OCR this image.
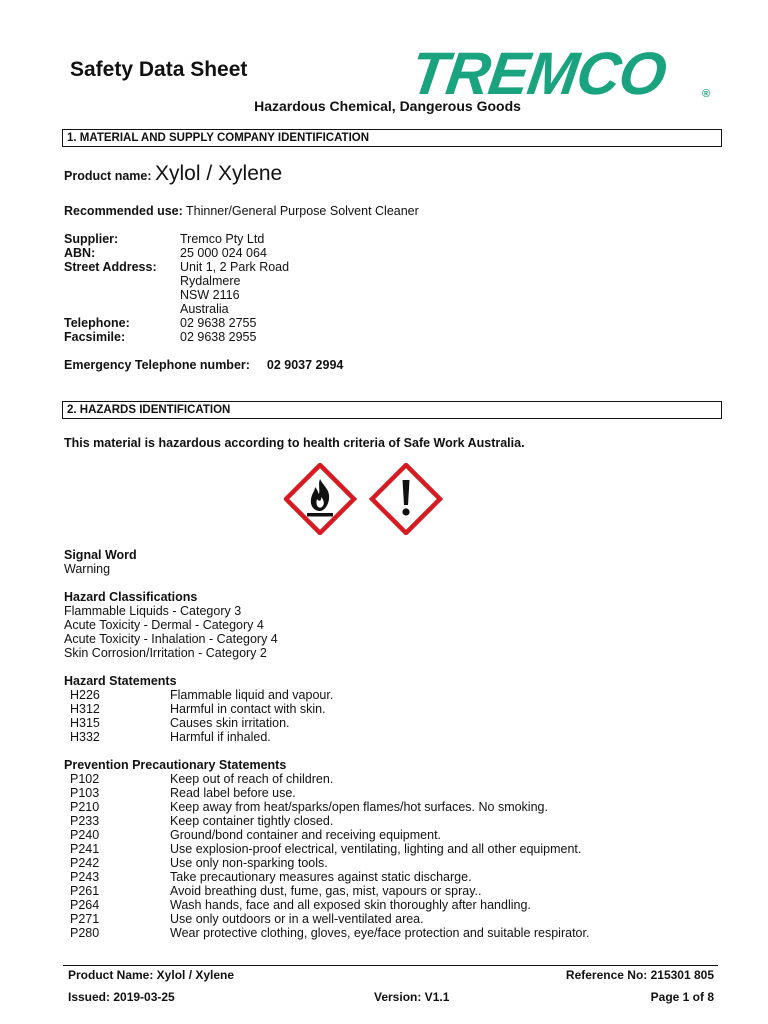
Safety Data Sheet	TREMCO	®
Hazardous Chemical, Dangerous Goods
1. MATERIAL AND SUPPLY COMPANY IDENTIFICATION
Product name: Xylol / Xylene
Recommended use: Thinner/General Purpose Solvent Cleaner
Supplier:	Tremco Pty Ltd
ABN:	25 000 024 064
Street Address: Unit 1, 2 Park Road
Rydalmere
NSW 2116
Australia
Telephone:	02 9638 2755
Facsimile:	02 9638 2955
Emergency Telephone number: 02 9037 2994
2. HAZARDS IDENTIFICATION
This material is hazardous according to health criteria of Safe Work Australia.
Signal Word
Warning
Hazard Classifications
Flammable Liquids - Category 3
Acute Toxicity - Dermal - Category 4
Acute Toxicity - Inhalation - Category 4
Skin Corrosion/Irritation - Category 2
Hazard Statements
H226	Flammable liquid and vapour.
H312	Harmful in contact with skin.
H315	Causes skin irritation.
H332	Harmful if inhaled.
Prevention Precautionary Statements
P102	Keep out of reach of children.
P103	Read label before use.
P210	Keep away from heat/sparks/open flames/hot surfaces. No smoking.
P233	Keep container tightly closed.
P240	Ground/bond container and receiving equipment.
P241	Use explosion-proof electrical, ventilating, lighting and all other equipment.
P242	Use only non-sparking tools.
P243	Take precautionary measures against static discharge.
P261	Avoid breathing dust, fume, gas, mist, vapours or spray..
P264	Wash hands, face and all exposed skin thoroughly after handling.
P271	Use only outdoors or in a well-ventilated area.
P280	Wear protective clothing, gloves, eye/face protection and suitable respirator.
Product Name: Xylol / Xylene	Reference No: 215301 805
Issued: 2019-03-25	Version: V1.1	Page 1 of 8
